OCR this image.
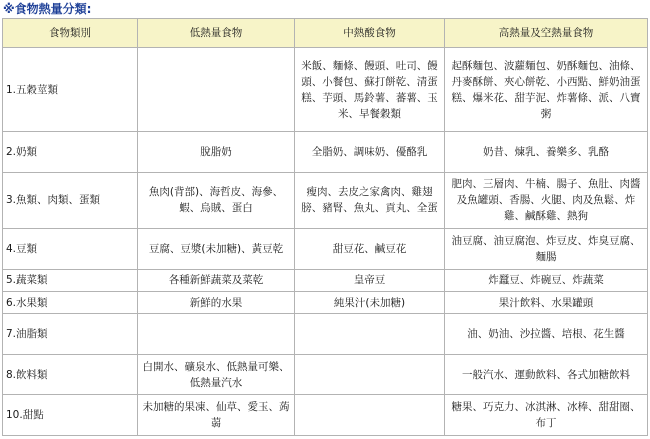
※食物熱量分類:
食物類別	低熱量食物	中熱酸食物	高熱量及空熱量食物
1.五穀莖類		米飯、麵條、饅頭、吐司、饅頭、小餐包、蘇打餅乾、清蛋糕、芋頭、馬鈴薯、蕃薯、玉米、早餐穀類	起酥麵包、波蘿麵包、奶酥麵包、油條、丹麥酥餅、夾心餅乾、小西點、鮮奶油蛋糕、爆米花、甜芋泥、炸薯條、派、八寶粥
2.奶類	脫脂奶	全脂奶、調味奶、優酪乳	奶昔、煉乳、養樂多、乳酪
3.魚類、肉類、蛋類	魚肉(背部)、海哲皮、海參、蝦、烏賊、蛋白	瘦肉、去皮之家禽肉、雞翅膀、豬腎、魚丸、貢丸、全蛋	肥肉、三層肉、牛楠、腸子、魚肚、肉醬及魚罐頭、香腸、火腿、肉及魚鬆、炸雞、鹹酥雞、熱狗
4.豆類	豆腐、豆漿(未加糖)、黃豆乾	甜豆花、鹹豆花	油豆腐、油豆腐泡、炸豆皮、炸臭豆腐、麵腸
5.蔬菜類	各種新鮮蔬菜及菜乾	皇帝豆	炸蠶豆、炸碗豆、炸蔬菜
6.水果類	新鮮的水果	純果汁(未加糖)	果汁飲料、水果罐頭
7.油脂類			油、奶油、沙拉醬、培根、花生醬
8.飲料類	白開水、礦泉水、低熱量可樂、低熱量汽水		一般汽水、運動飲料、各式加糖飲料
10.甜點	未加糖的果凍、仙草、愛玉、蒟蒻		糖果、巧克力、冰淇淋、冰棒、甜甜圈、布丁
